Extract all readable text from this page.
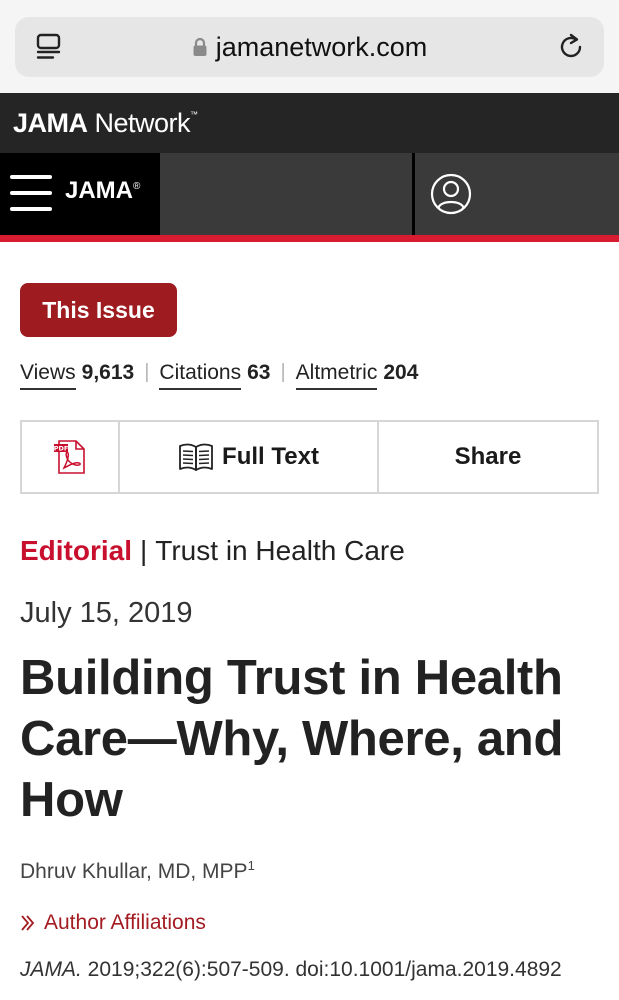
jamanetwork.com
JAMA Network™
JAMA®
This Issue
Views 9,613 | Citations 63 | Altmetric 204
PDF	Full Text	Share
Editorial | Trust in Health Care
July 15, 2019
Building Trust in Health Care—Why, Where, and How
Dhruv Khullar, MD, MPP$^1$
Author Affiliations
JAMA. 2019;322(6):507-509. doi:10.1001/jama.2019.4892
